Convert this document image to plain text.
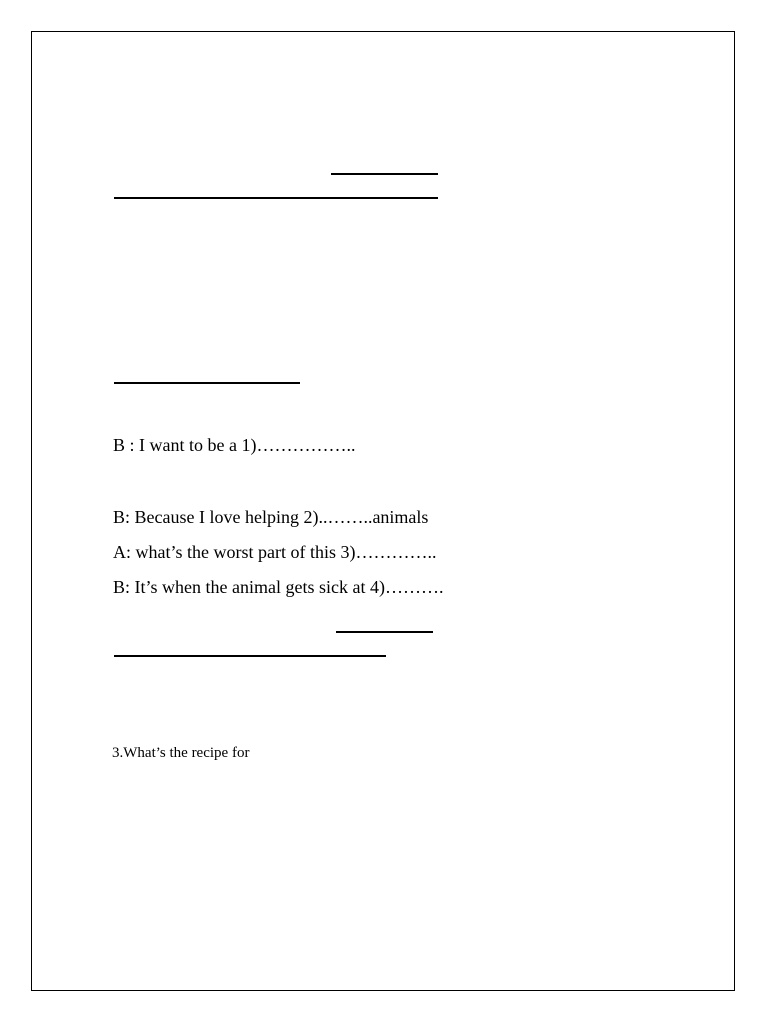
B : I want to be a 1)……………..
B: Because I love helping 2)..……..animals
A: what’s the worst part of this 3)…………..
B: It’s when the animal gets sick at 4)……….
3.What’s the recipe for
